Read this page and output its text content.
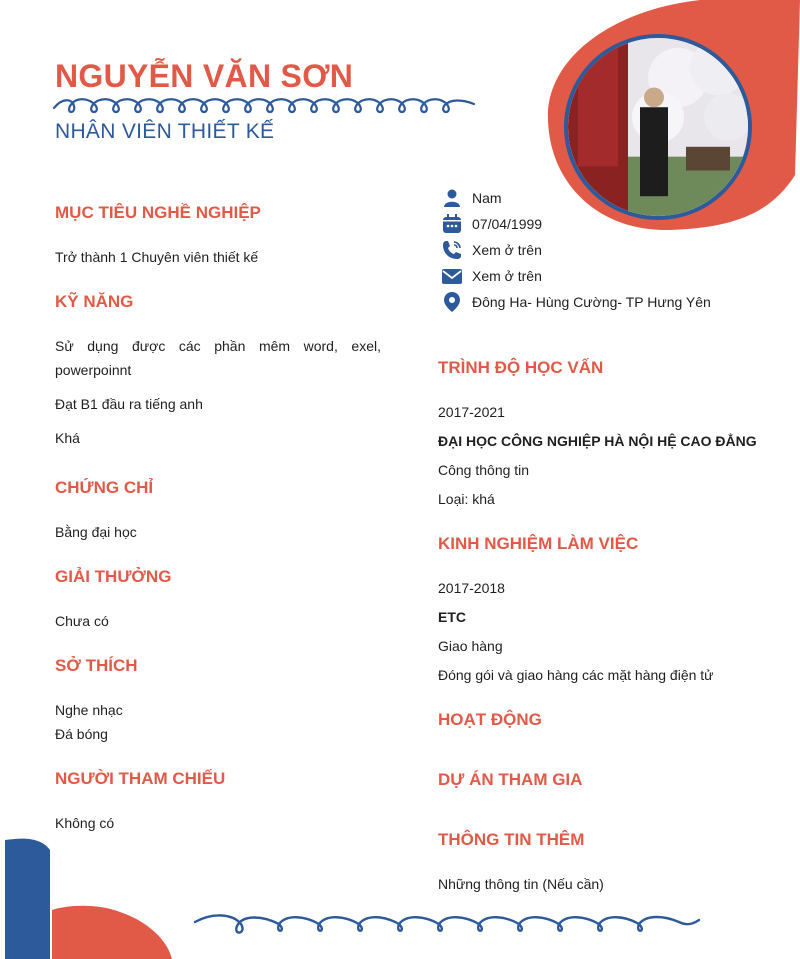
NGUYỄN VĂN SƠN
NHÂN VIÊN THIẾT KẾ
Nam
07/04/1999
Xem ở trên
Xem ở trên
Đông Ha- Hùng Cường- TP Hưng Yên
MỤC TIÊU NGHỀ NGHIỆP
Trở thành 1 Chuyên viên thiết kế
KỸ NĂNG
Sử dụng được các phần mêm word, exel, powerpoinnt
Đạt B1 đầu ra tiếng anh
Khá
CHỨNG CHỈ
Bằng đại học
GIẢI THƯỞNG
Chưa có
SỞ THÍCH
Nghe nhạc
Đá bóng
NGƯỜI THAM CHIẾU
Không có
TRÌNH ĐỘ HỌC VẤN
2017-2021
ĐẠI HỌC CÔNG NGHIỆP HÀ NỘI HỆ CAO ĐẲNG
Công thông tin
Loại: khá
KINH NGHIỆM LÀM VIỆC
2017-2018
ETC
Giao hàng
Đóng gói và giao hàng các mặt hàng điện tử
HOẠT ĐỘNG
DỰ ÁN THAM GIA
THÔNG TIN THÊM
Những thông tin (Nếu cần)
